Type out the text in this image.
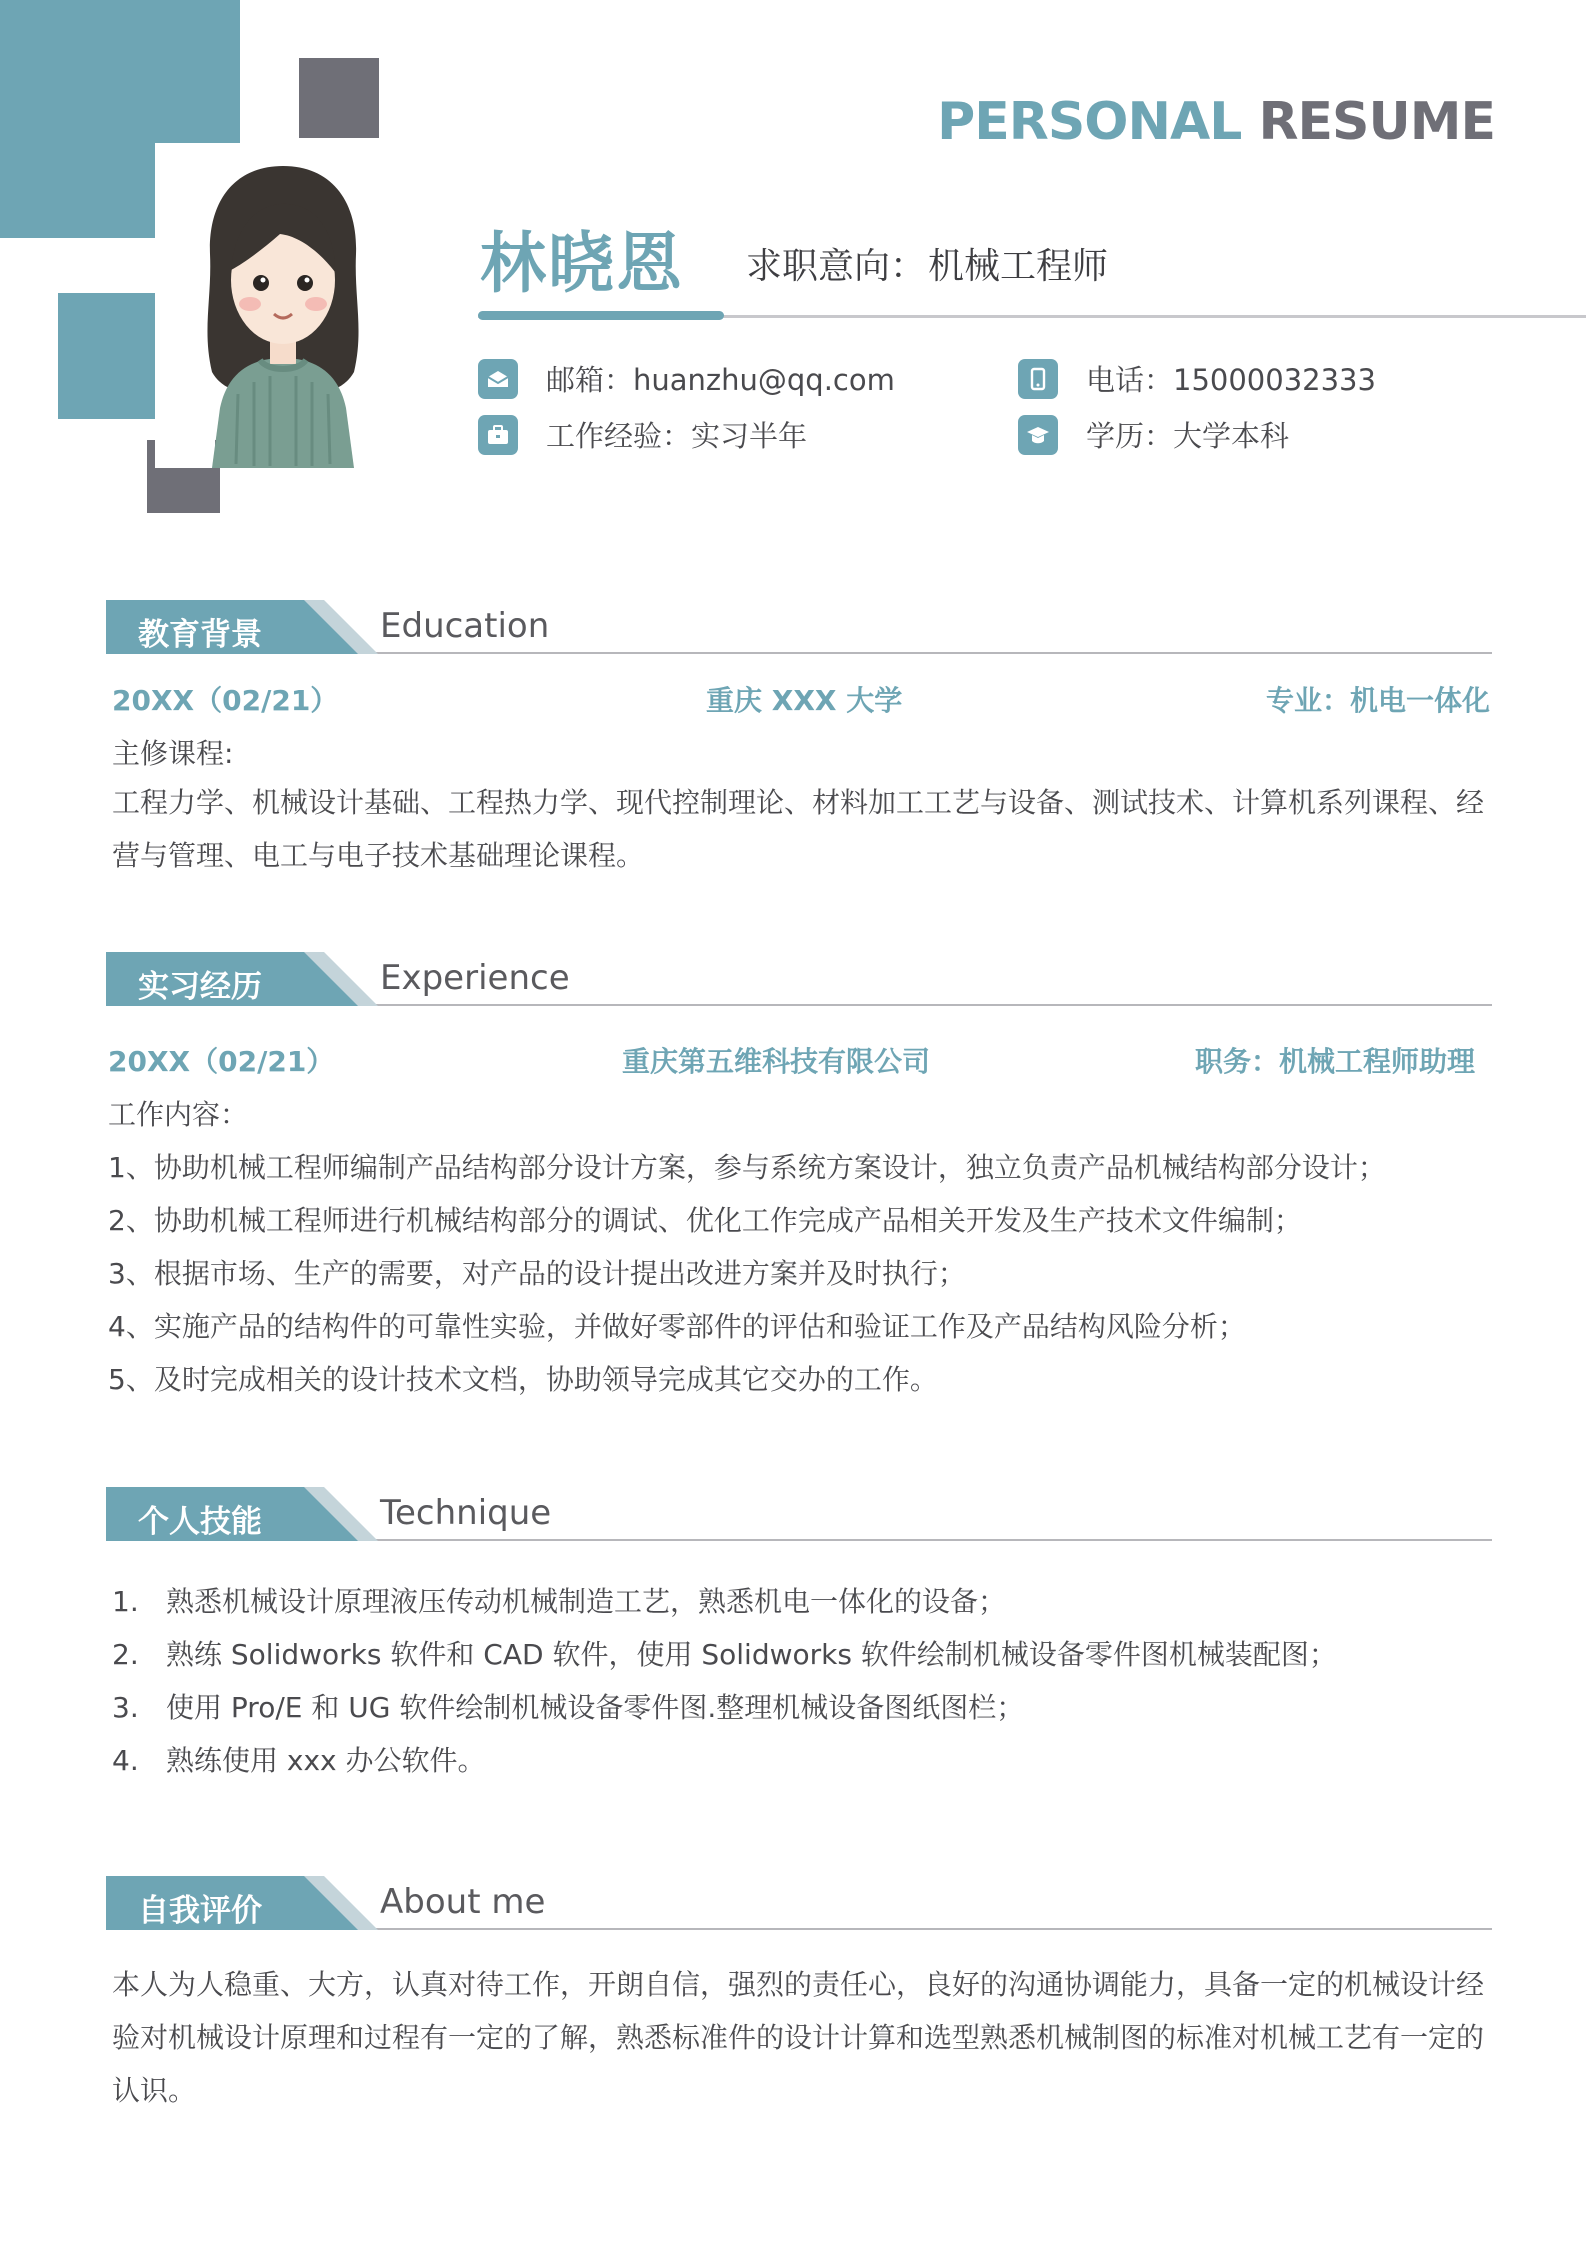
PERSONAL RESUME
林晓恩 求职意向：机械工程师
邮箱：huanzhu@qq.com	电话：15000032333
工作经验：实习半年	学历：大学本科
教育背景	Education
20XX（02/21）	重庆 XXX 大学	专业：机电一体化
主修课程:
工程力学、机械设计基础、工程热力学、现代控制理论、材料加工工艺与设备、测试技术、计算机系列课程、经营与管理、电工与电子技术基础理论课程。
实习经历	Experience
20XX（02/21）	重庆第五维科技有限公司	职务：机械工程师助理
工作内容：
1、协助机械工程师编制产品结构部分设计方案，参与系统方案设计，独立负责产品机械结构部分设计；
2、协助机械工程师进行机械结构部分的调试、优化工作完成产品相关开发及生产技术文件编制；
3、根据市场、生产的需要，对产品的设计提出改进方案并及时执行；
4、实施产品的结构件的可靠性实验，并做好零部件的评估和验证工作及产品结构风险分析；
5、及时完成相关的设计技术文档，协助领导完成其它交办的工作。
个人技能	Technique
1. 熟悉机械设计原理液压传动机械制造工艺，熟悉机电一体化的设备；
2. 熟练 Solidworks 软件和 CAD 软件，使用 Solidworks 软件绘制机械设备零件图机械装配图；
3. 使用 Pro/E 和 UG 软件绘制机械设备零件图.整理机械设备图纸图栏；
4. 熟练使用 xxx 办公软件。
自我评价	About me
本人为人稳重、大方，认真对待工作，开朗自信，强烈的责任心，良好的沟通协调能力，具备一定的机械设计经验对机械设计原理和过程有一定的了解，熟悉标准件的设计计算和选型熟悉机械制图的标准对机械工艺有一定的认识。
